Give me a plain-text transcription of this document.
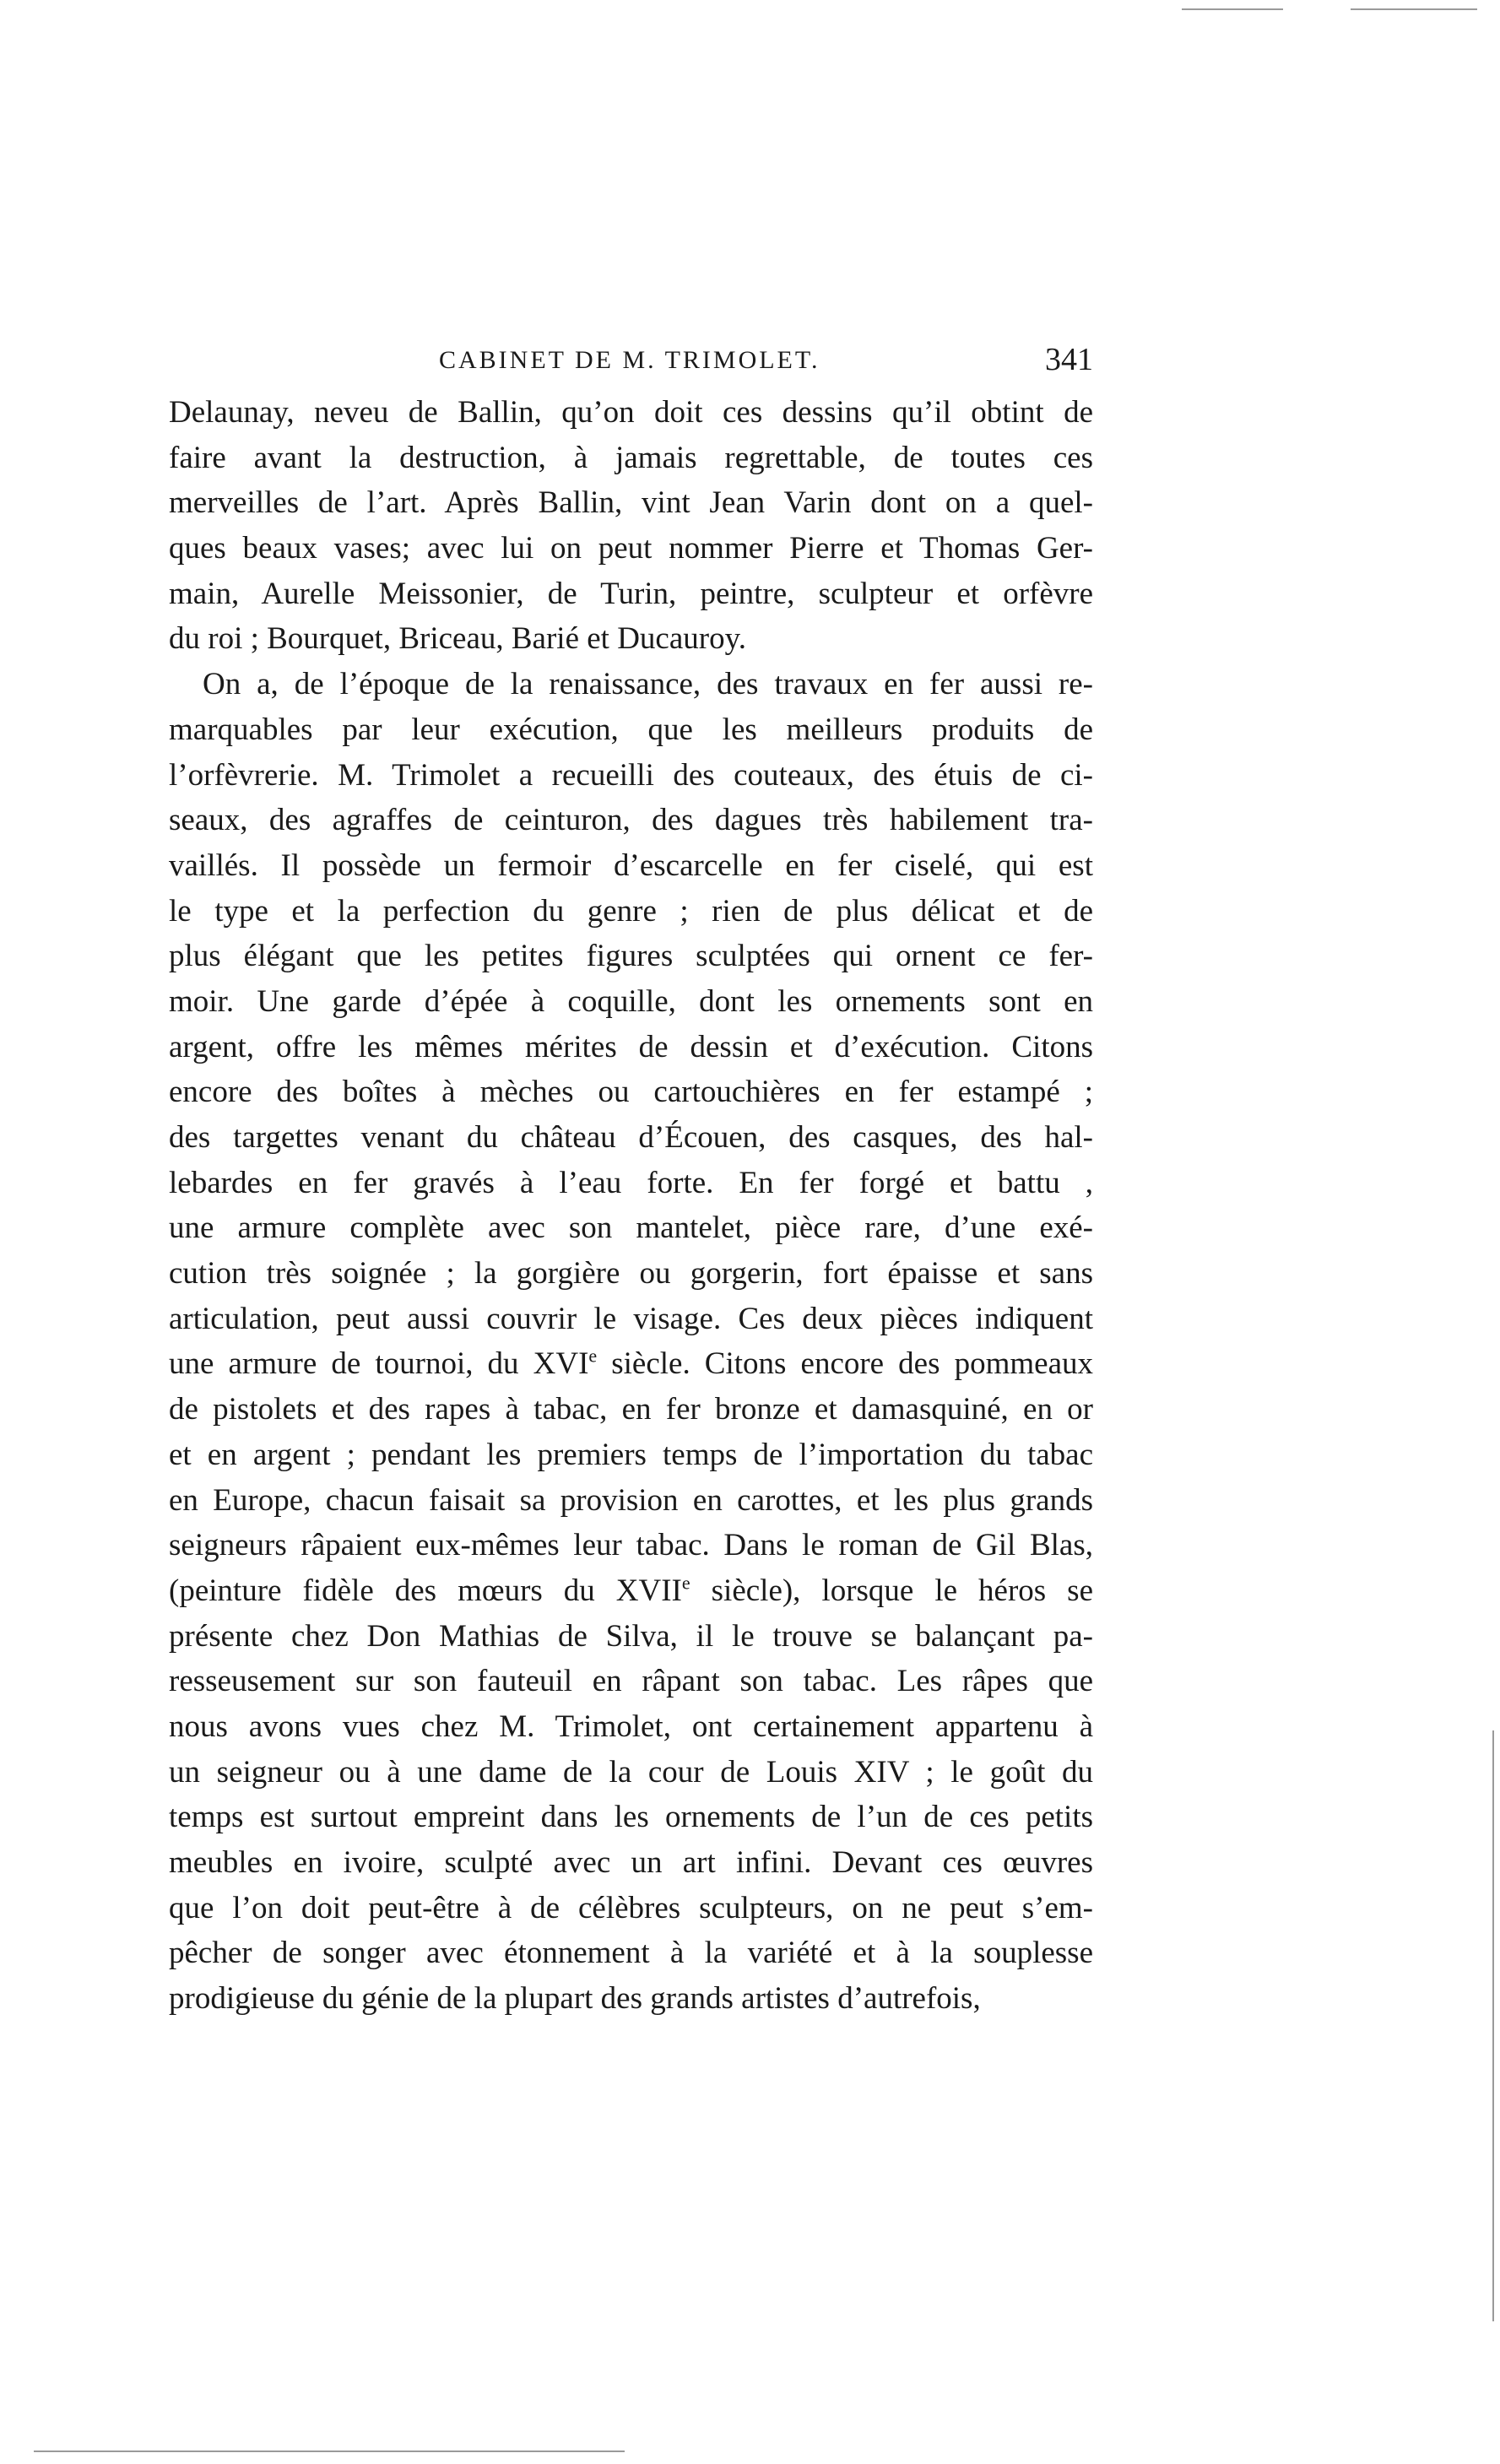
CABINET DE M. TRIMOLET.	341
Delaunay, neveu de Ballin, qu’on doit ces dessins qu’il obtint de
faire avant la destruction, à jamais regrettable, de toutes ces
merveilles de l’art. Après Ballin, vint Jean Varin dont on a quel-
ques beaux vases; avec lui on peut nommer Pierre et Thomas Ger-
main, Aurelle Meissonier, de Turin, peintre, sculpteur et orfèvre
du roi ; Bourquet, Briceau, Barié et Ducauroy.
On a, de l’époque de la renaissance, des travaux en fer aussi re-
marquables par leur exécution, que les meilleurs produits de
l’orfèvrerie. M. Trimolet a recueilli des couteaux, des étuis de ci-
seaux, des agraffes de ceinturon, des dagues très habilement tra-
vaillés. Il possède un fermoir d’escarcelle en fer ciselé, qui est
le type et la perfection du genre ; rien de plus délicat et de
plus élégant que les petites figures sculptées qui ornent ce fer-
moir. Une garde d’épée à coquille, dont les ornements sont en
argent, offre les mêmes mérites de dessin et d’exécution. Citons
encore des boîtes à mèches ou cartouchières en fer estampé ;
des targettes venant du château d’Écouen, des casques, des hal-
lebardes en fer gravés à l’eau forte. En fer forgé et battu ,
une armure complète avec son mantelet, pièce rare, d’une exé-
cution très soignée ; la gorgière ou gorgerin, fort épaisse et sans
articulation, peut aussi couvrir le visage. Ces deux pièces indiquent
une armure de tournoi, du XVIe siècle. Citons encore des pommeaux
de pistolets et des rapes à tabac, en fer bronze et damasquiné, en or
et en argent ; pendant les premiers temps de l’importation du tabac
en Europe, chacun faisait sa provision en carottes, et les plus grands
seigneurs râpaient eux-mêmes leur tabac. Dans le roman de Gil Blas,
(peinture fidèle des mœurs du XVIIe siècle), lorsque le héros se
présente chez Don Mathias de Silva, il le trouve se balançant pa-
resseusement sur son fauteuil en râpant son tabac. Les râpes que
nous avons vues chez M. Trimolet, ont certainement appartenu à
un seigneur ou à une dame de la cour de Louis XIV ; le goût du
temps est surtout empreint dans les ornements de l’un de ces petits
meubles en ivoire, sculpté avec un art infini. Devant ces œuvres
que l’on doit peut-être à de célèbres sculpteurs, on ne peut s’em-
pêcher de songer avec étonnement à la variété et à la souplesse
prodigieuse du génie de la plupart des grands artistes d’autrefois,
